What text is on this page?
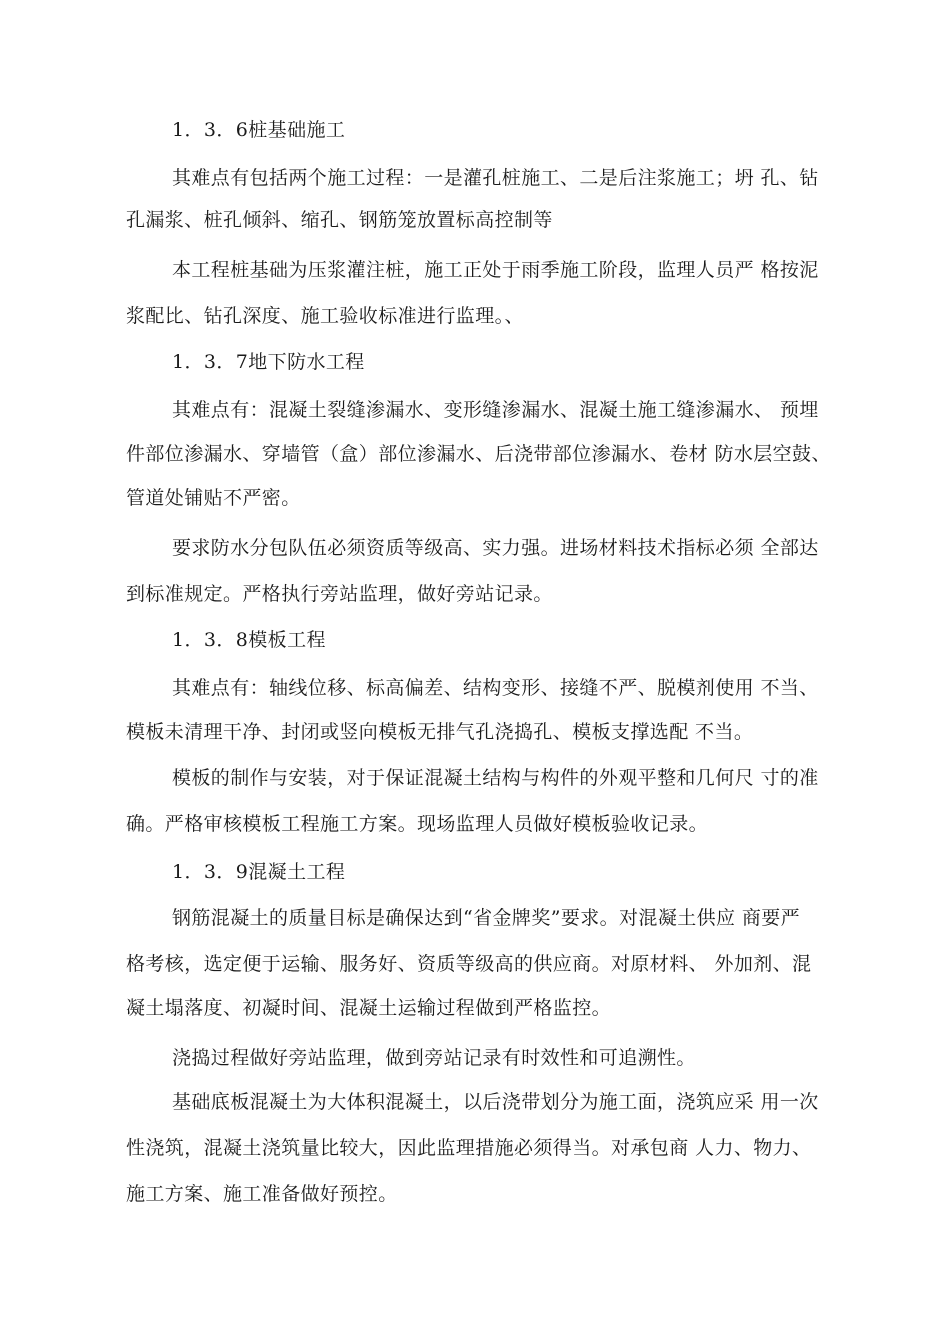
1．3．6桩基础施工
其难点有包括两个施工过程：一是灌孔桩施工、二是后注浆施工；坍 孔、钻
孔漏浆、桩孔倾斜、缩孔、钢筋笼放置标高控制等
本工程桩基础为压浆灌注桩，施工正处于雨季施工阶段，监理人员严 格按泥
浆配比、钻孔深度、施工验收标准进行监理。、
1．3．7地下防水工程
其难点有：混凝土裂缝渗漏水、变形缝渗漏水、混凝土施工缝渗漏水、 预埋
件部位渗漏水、穿墙管（盒）部位渗漏水、后浇带部位渗漏水、卷材 防水层空鼓、
管道处铺贴不严密。
要求防水分包队伍必须资质等级高、实力强。进场材料技术指标必须 全部达
到标准规定。严格执行旁站监理，做好旁站记录。
1．3．8模板工程
其难点有：轴线位移、标高偏差、结构变形、接缝不严、脱模剂使用 不当、
模板未清理干净、封闭或竖向模板无排气孔浇捣孔、模板支撑选配 不当。
模板的制作与安装，对于保证混凝土结构与构件的外观平整和几何尺 寸的准
确。严格审核模板工程施工方案。现场监理人员做好模板验收记录。
1．3．9混凝土工程
钢筋混凝土的质量目标是确保达到“省金牌奖”要求。对混凝土供应 商要严
格考核，选定便于运输、服务好、资质等级高的供应商。对原材料、 外加剂、混
凝土塌落度、初凝时间、混凝土运输过程做到严格监控。
浇捣过程做好旁站监理，做到旁站记录有时效性和可追溯性。
基础底板混凝土为大体积混凝土，以后浇带划分为施工面，浇筑应采 用一次
性浇筑，混凝土浇筑量比较大，因此监理措施必须得当。对承包商 人力、物力、
施工方案、施工准备做好预控。
